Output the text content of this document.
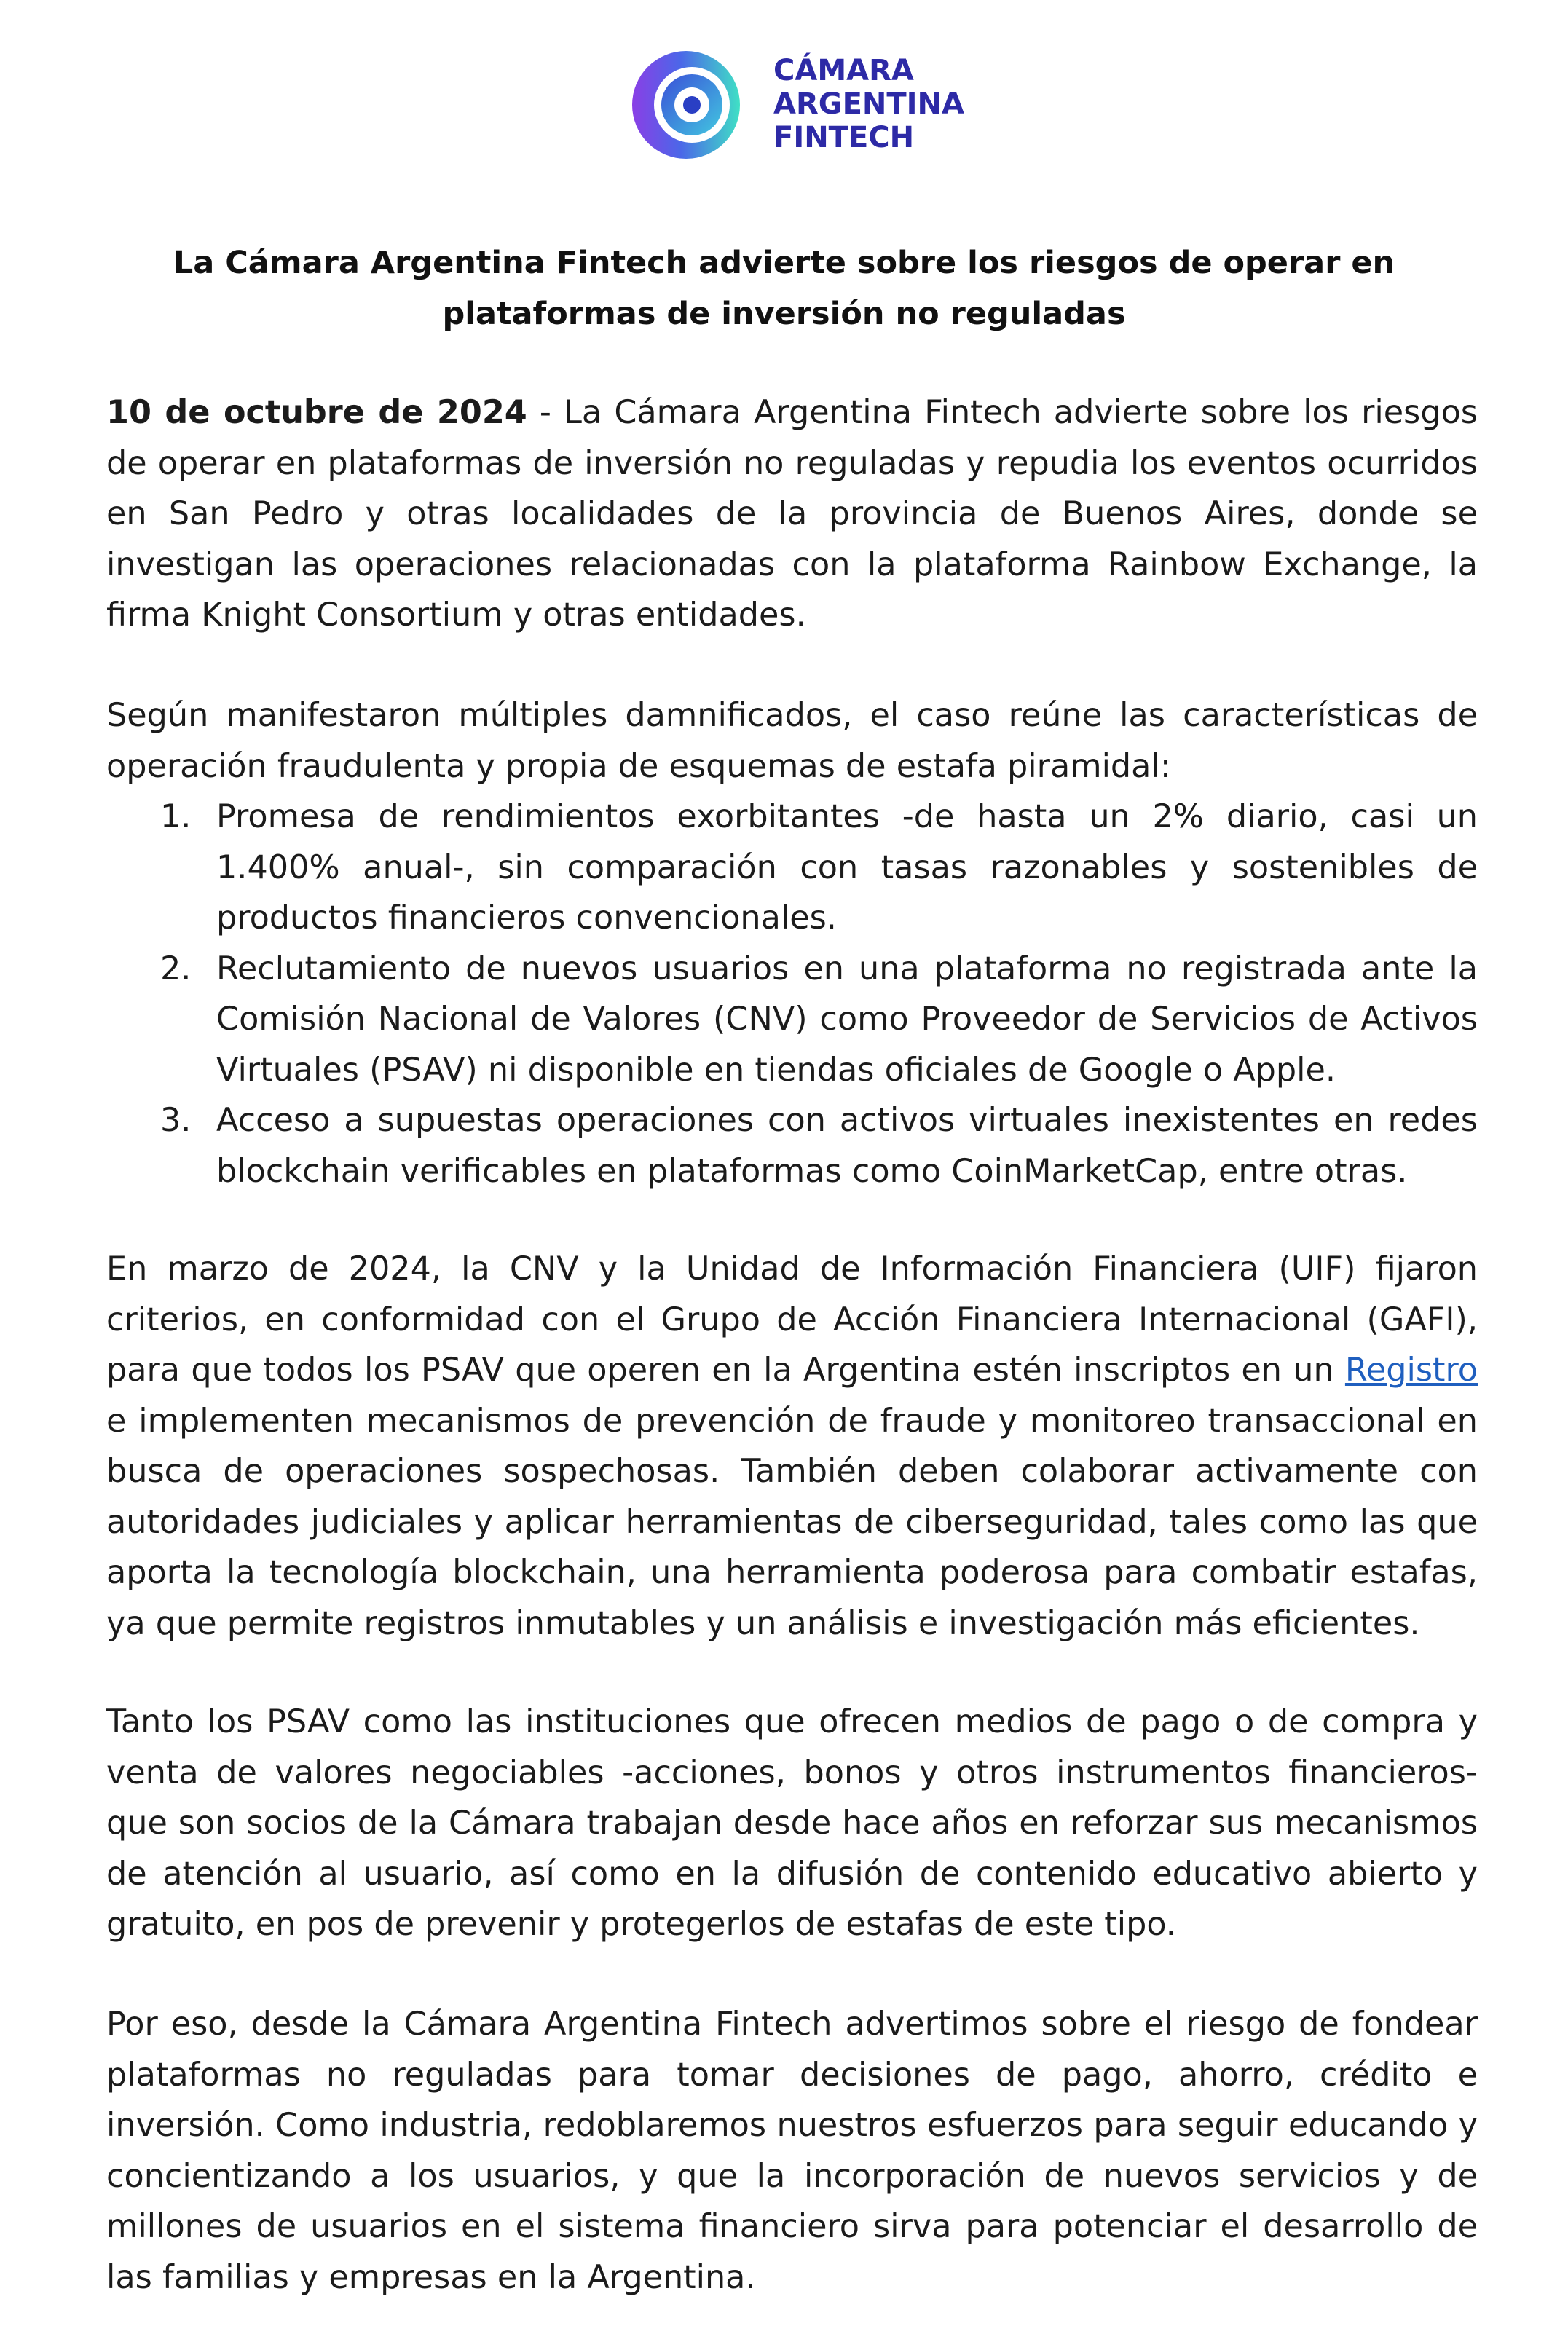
CÁMARA
ARGENTINA
FINTECH
La Cámara Argentina Fintech advierte sobre los riesgos de operar en plataformas de inversión no reguladas

10 de octubre de 2024 - La Cámara Argentina Fintech advierte sobre los riesgos de operar en plataformas de inversión no reguladas y repudia los eventos ocurridos en San Pedro y otras localidades de la provincia de Buenos Aires, donde se investigan las operaciones relacionadas con la plataforma Rainbow Exchange, la firma Knight Consortium y otras entidades.

Según manifestaron múltiples damnificados, el caso reúne las características de operación fraudulenta y propia de esquemas de estafa piramidal:

1. Promesa de rendimientos exorbitantes -de hasta un 2% diario, casi un 1.400% anual-, sin comparación con tasas razonables y sostenibles de productos financieros convencionales.
2. Reclutamiento de nuevos usuarios en una plataforma no registrada ante la Comisión Nacional de Valores (CNV) como Proveedor de Servicios de Activos Virtuales (PSAV) ni disponible en tiendas oficiales de Google o Apple.
3. Acceso a supuestas operaciones con activos virtuales inexistentes en redes blockchain verificables en plataformas como CoinMarketCap, entre otras.

En marzo de 2024, la CNV y la Unidad de Información Financiera (UIF) fijaron criterios, en conformidad con el Grupo de Acción Financiera Internacional (GAFI), para que todos los PSAV que operen en la Argentina estén inscriptos en un Registro e implementen mecanismos de prevención de fraude y monitoreo transaccional en busca de operaciones sospechosas. También deben colaborar activamente con autoridades judiciales y aplicar herramientas de ciberseguridad, tales como las que aporta la tecnología blockchain, una herramienta poderosa para combatir estafas, ya que permite registros inmutables y un análisis e investigación más eficientes.

Tanto los PSAV como las instituciones que ofrecen medios de pago o de compra y venta de valores negociables -acciones, bonos y otros instrumentos financieros- que son socios de la Cámara trabajan desde hace años en reforzar sus mecanismos de atención al usuario, así como en la difusión de contenido educativo abierto y gratuito, en pos de prevenir y protegerlos de estafas de este tipo.

Por eso, desde la Cámara Argentina Fintech advertimos sobre el riesgo de fondear plataformas no reguladas para tomar decisiones de pago, ahorro, crédito e inversión. Como industria, redoblaremos nuestros esfuerzos para seguir educando y concientizando a los usuarios, y que la incorporación de nuevos servicios y de millones de usuarios en el sistema financiero sirva para potenciar el desarrollo de las familias y empresas en la Argentina.
